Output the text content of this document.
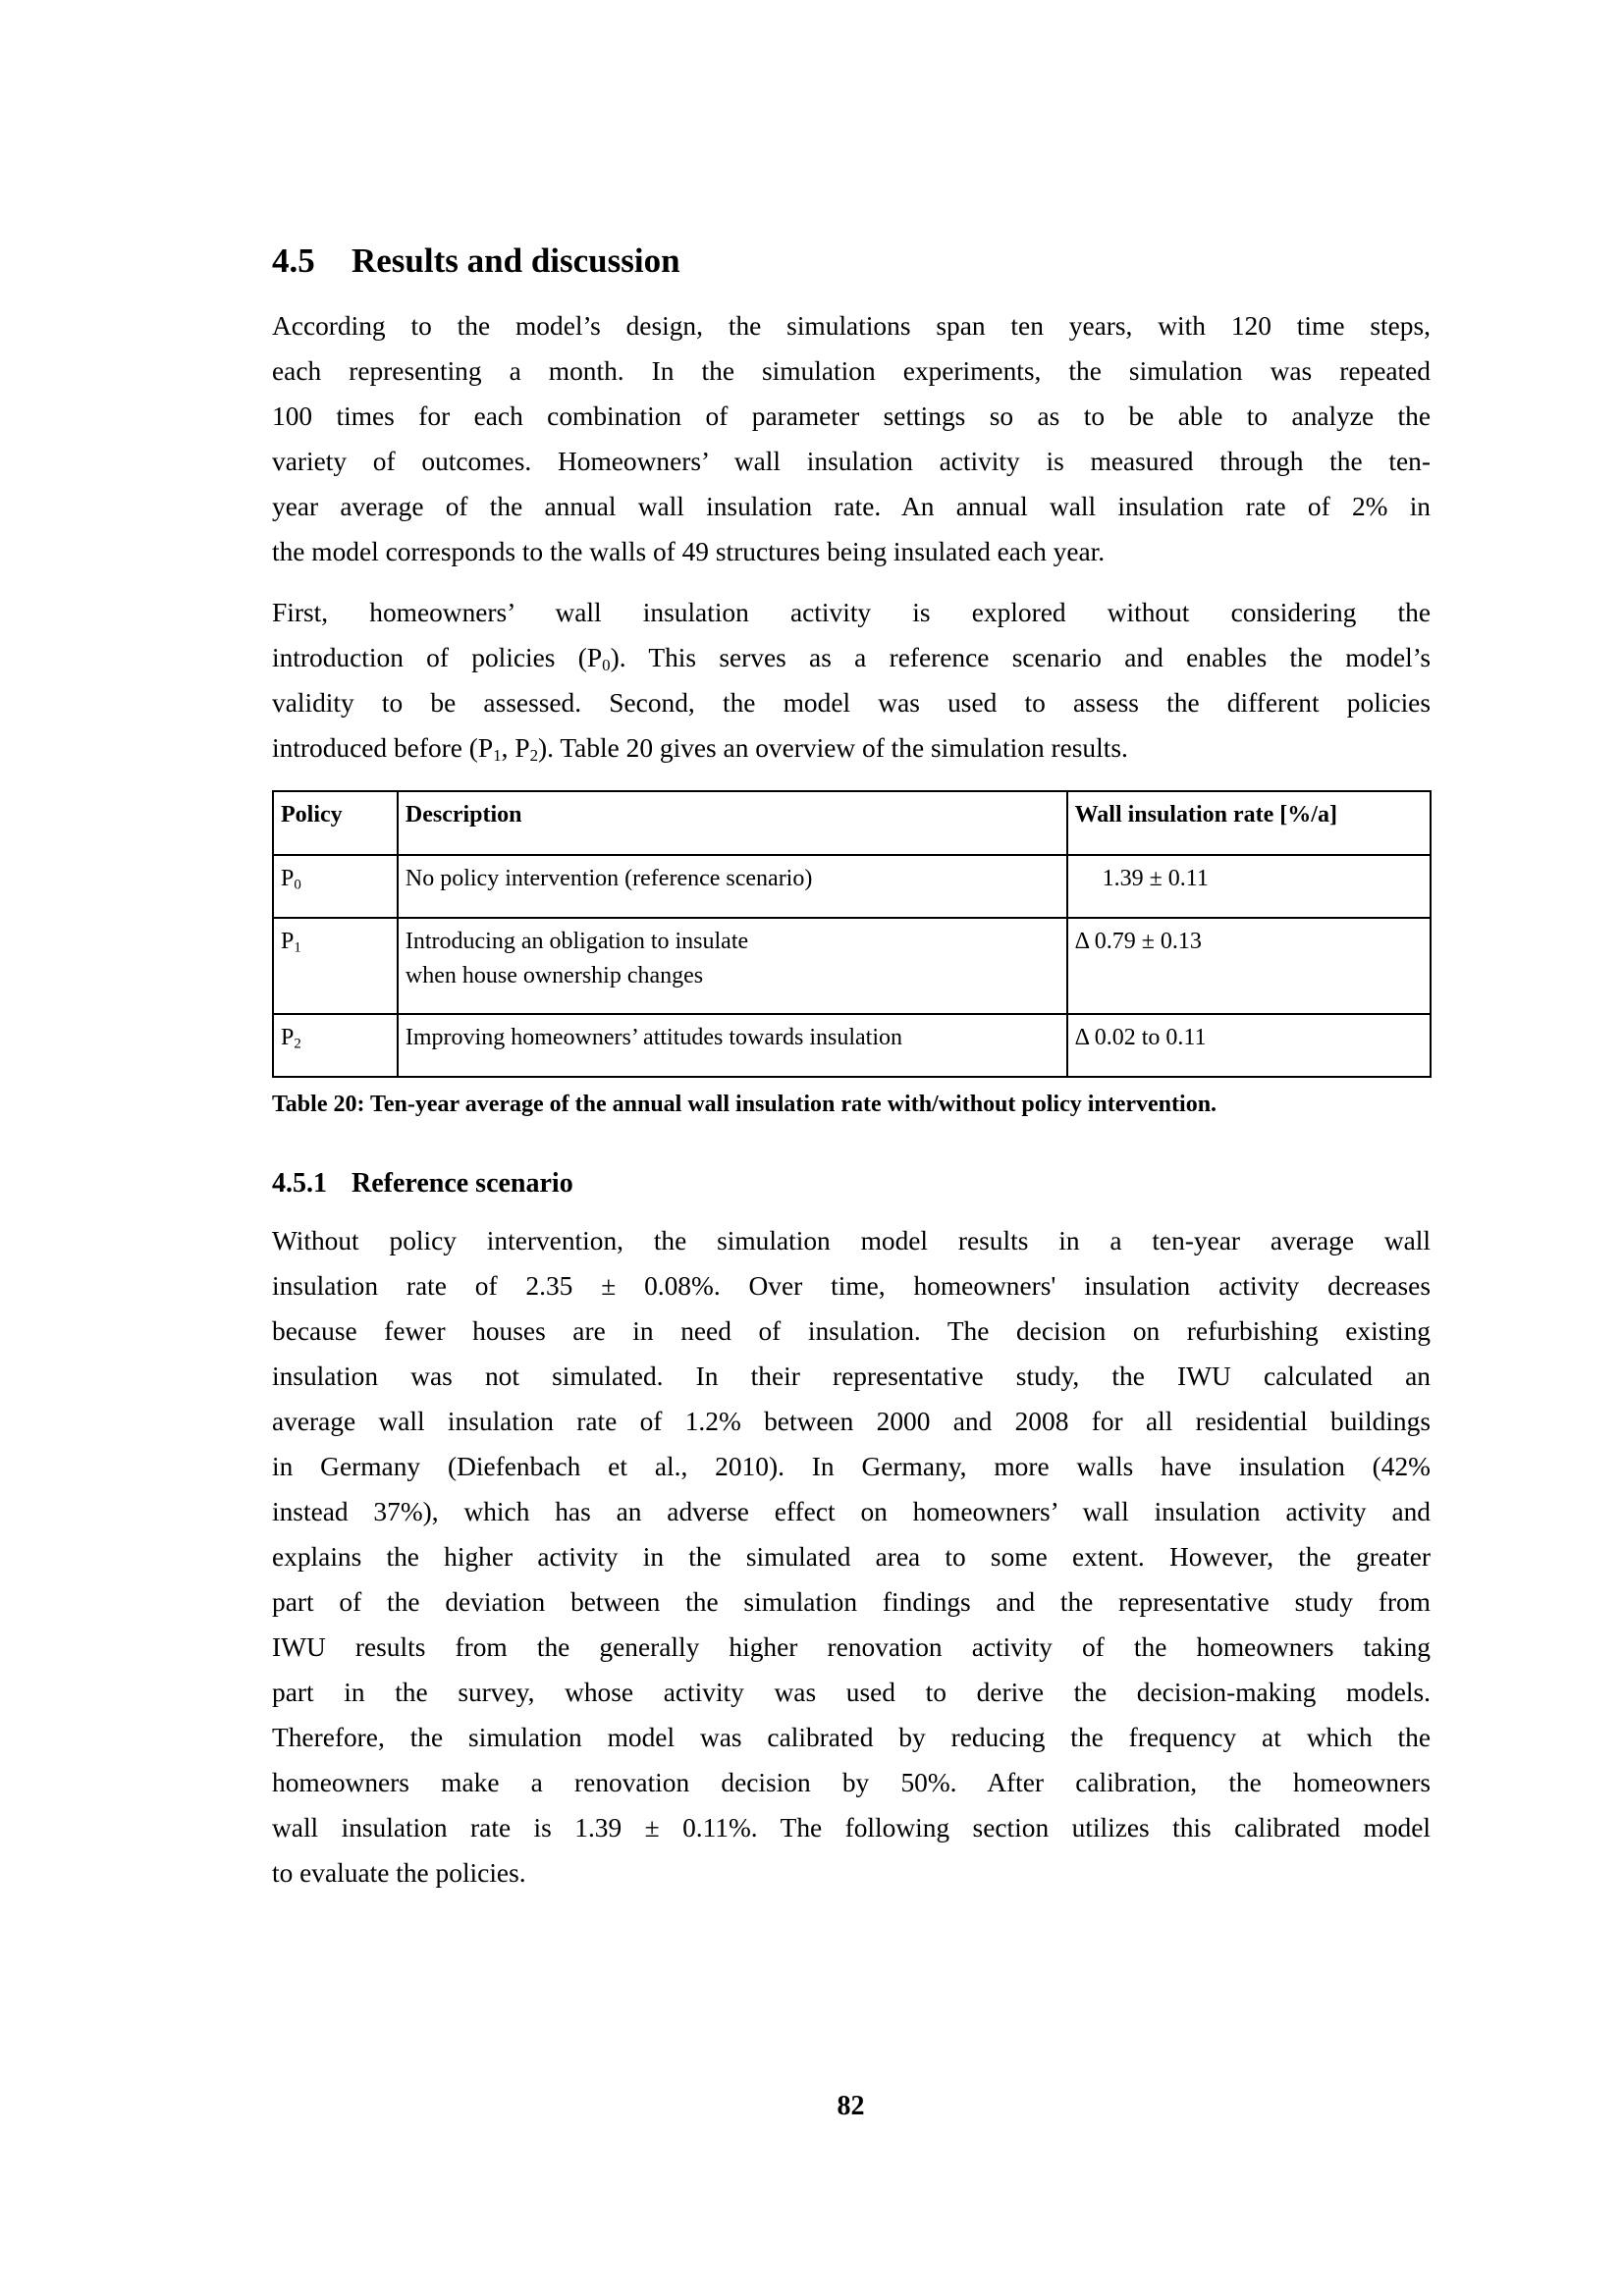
4.5 Results and discussion
According to the model’s design, the simulations span ten years, with 120 time steps,
each representing a month. In the simulation experiments, the simulation was repeated
100 times for each combination of parameter settings so as to be able to analyze the
variety of outcomes. Homeowners’ wall insulation activity is measured through the ten-
year average of the annual wall insulation rate. An annual wall insulation rate of 2% in
the model corresponds to the walls of 49 structures being insulated each year.
First, homeowners’ wall insulation activity is explored without considering the
introduction of policies $(P_0)$. This serves as a reference scenario and enables the model’s
validity to be assessed. Second, the model was used to assess the different policies
introduced before ($P_1$, $P_2$). Table 20 gives an overview of the simulation results.
Policy	Description	Wall insulation rate [%/a]
$P_0$	No policy intervention (reference scenario)	1.39 ± 0.11
$P_1$	Introducing an obligation to insulate
when house ownership changes	Δ 0.79 ± 0.13
$P_2$	Improving homeowners’ attitudes towards insulation	Δ 0.02 to 0.11

Table 20: Ten-year average of the annual wall insulation rate with/without policy intervention.

4.5.1 Reference scenario
Without policy intervention, the simulation model results in a ten-year average wall
insulation rate of 2.35 ± 0.08%. Over time, homeowners' insulation activity decreases
because fewer houses are in need of insulation. The decision on refurbishing existing
insulation was not simulated. In their representative study, the IWU calculated an
average wall insulation rate of 1.2% between 2000 and 2008 for all residential buildings
in Germany (Diefenbach et al., 2010). In Germany, more walls have insulation (42%
instead 37%), which has an adverse effect on homeowners’ wall insulation activity and
explains the higher activity in the simulated area to some extent. However, the greater
part of the deviation between the simulation findings and the representative study from
IWU results from the generally higher renovation activity of the homeowners taking
part in the survey, whose activity was used to derive the decision-making models.
Therefore, the simulation model was calibrated by reducing the frequency at which the
homeowners make a renovation decision by 50%. After calibration, the homeowners
wall insulation rate is 1.39 ± 0.11%. The following section utilizes this calibrated model
to evaluate the policies.

82
